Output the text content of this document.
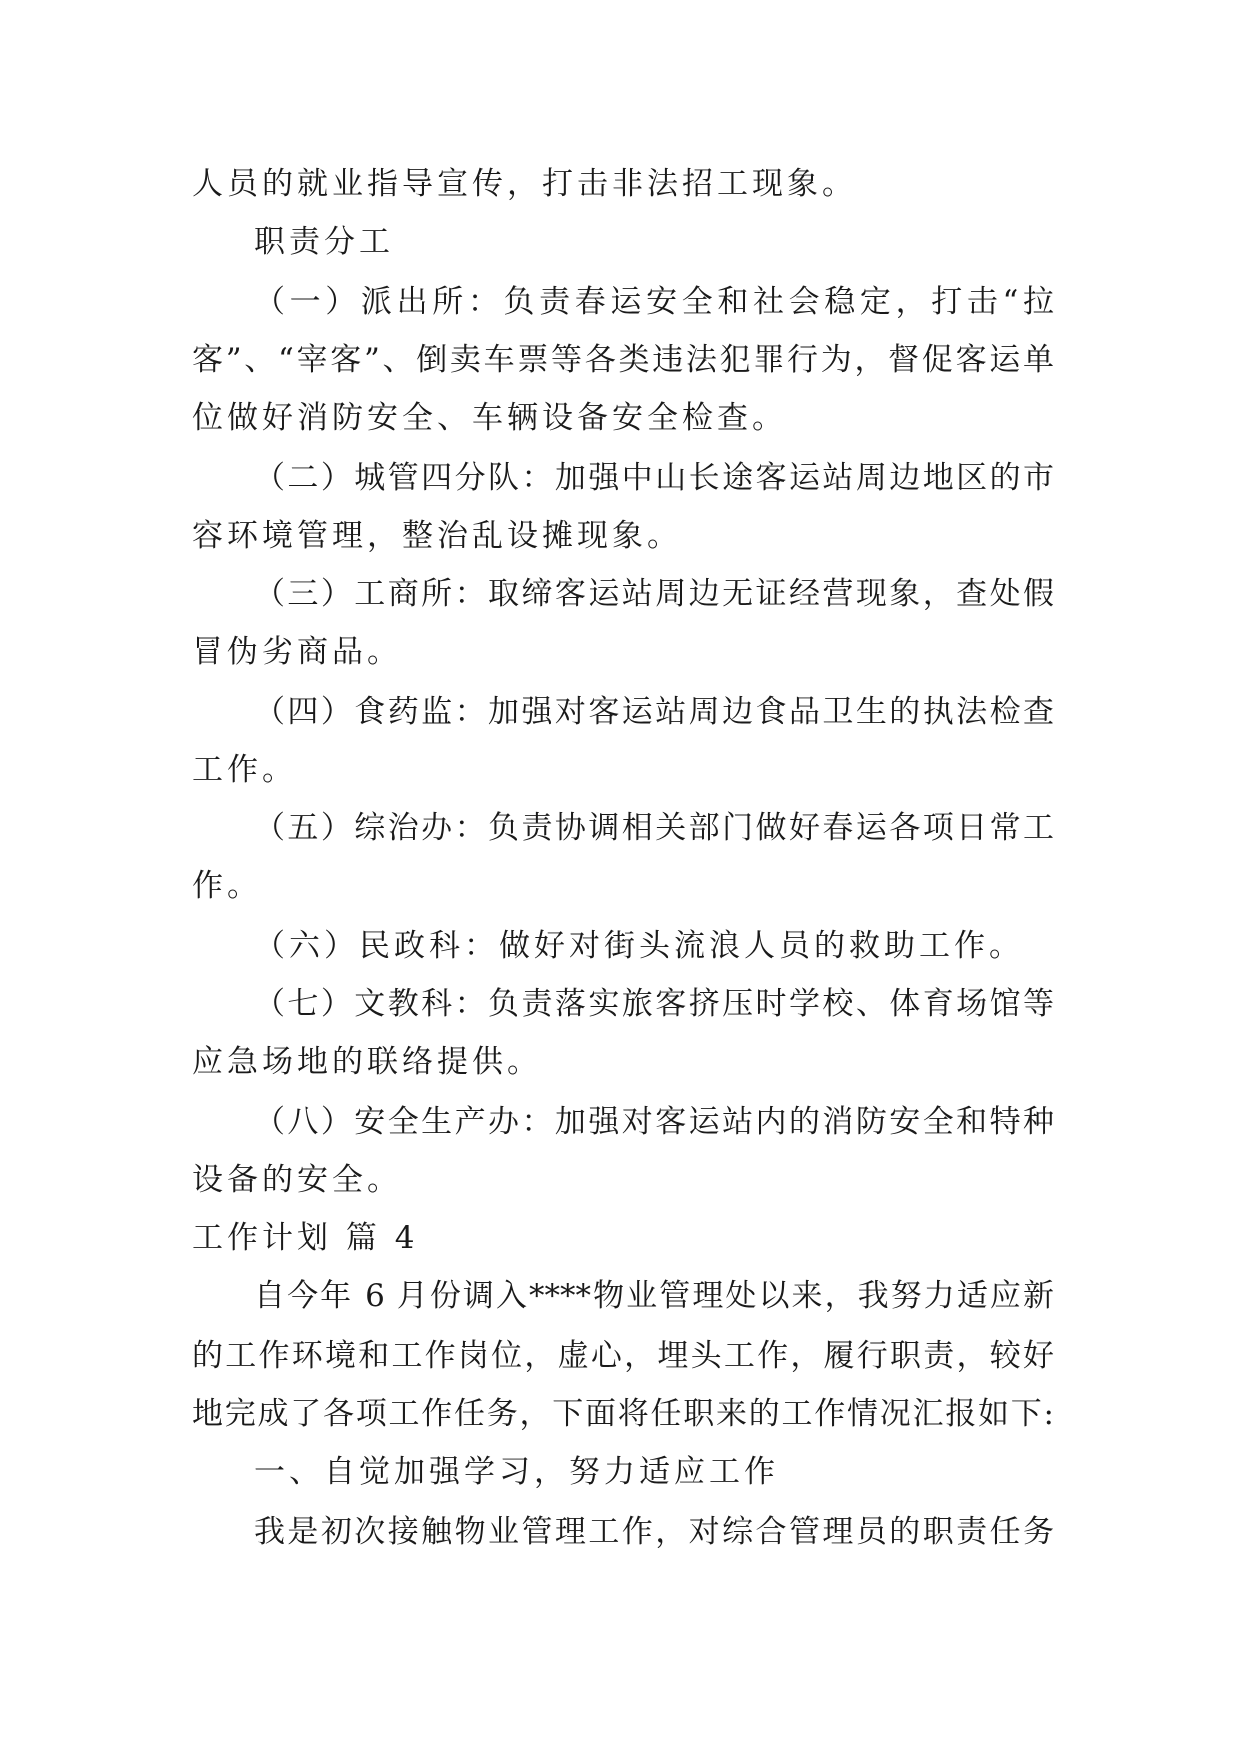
人员的就业指导宣传，打击非法招工现象。
职责分工
（一）派出所：负责春运安全和社会稳定，打击“拉
客”、“宰客”、倒卖车票等各类违法犯罪行为，督促客运单
位做好消防安全、车辆设备安全检查。
（二）城管四分队：加强中山长途客运站周边地区的市
容环境管理，整治乱设摊现象。
（三）工商所：取缔客运站周边无证经营现象，查处假
冒伪劣商品。
（四）食药监：加强对客运站周边食品卫生的执法检查
工作。
（五）综治办：负责协调相关部门做好春运各项日常工
作。
（六）民政科：做好对街头流浪人员的救助工作。
（七）文教科：负责落实旅客挤压时学校、体育场馆等
应急场地的联络提供。
（八）安全生产办：加强对客运站内的消防安全和特种
设备的安全。
工作计划 篇 4
自今年 6 月份调入****物业管理处以来，我努力适应新
的工作环境和工作岗位，虚心，埋头工作，履行职责，较好
地完成了各项工作任务，下面将任职来的工作情况汇报如下:
一、自觉加强学习，努力适应工作
我是初次接触物业管理工作，对综合管理员的职责任务
